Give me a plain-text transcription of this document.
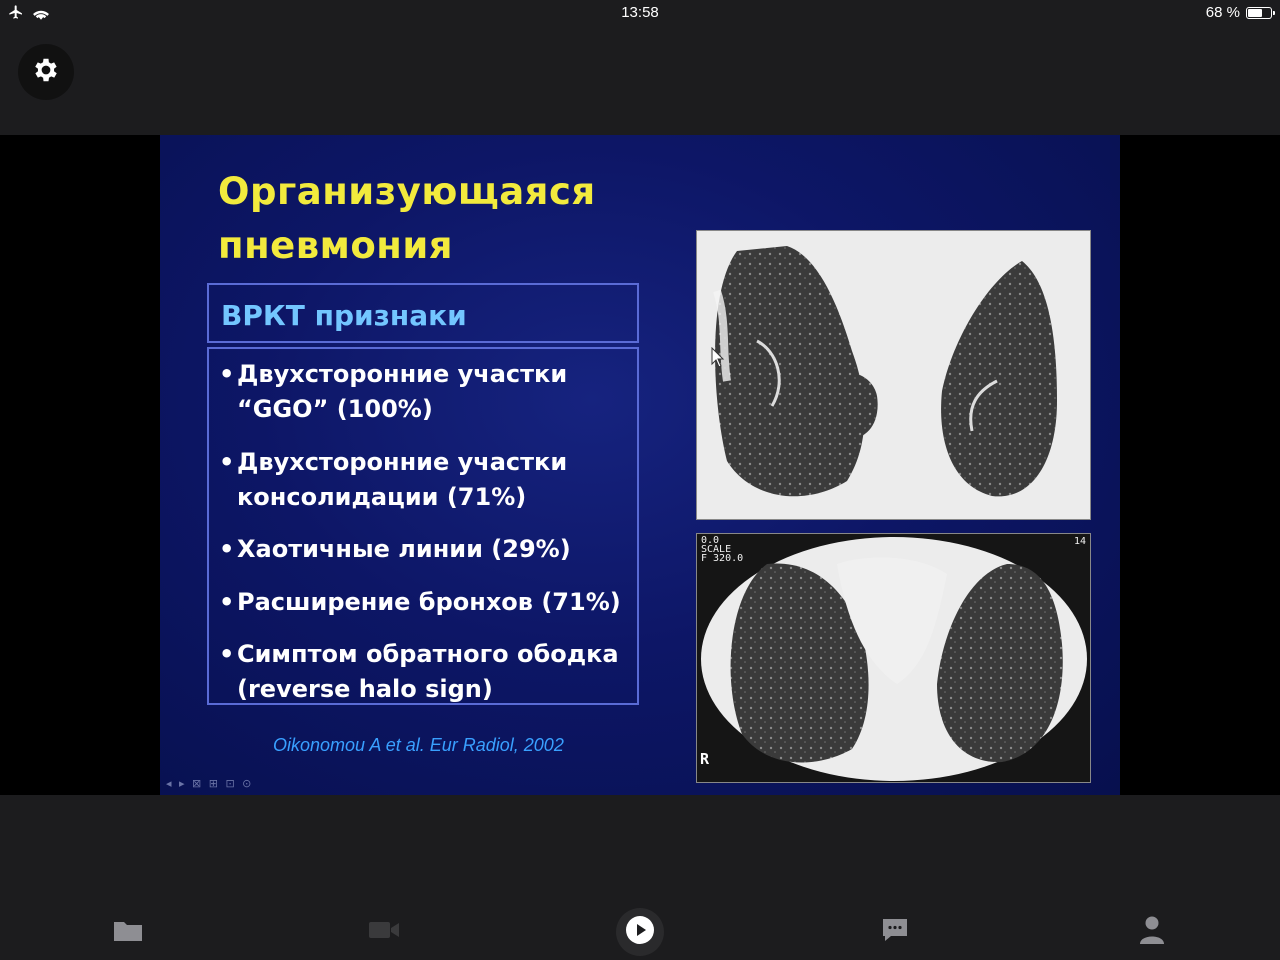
13:58	68 %
Организующаяся
пневмония
ВРКТ признаки
• Двухсторонние участки
“GGO” (100%)
• Двухсторонние участки
консолидации (71%)
• Хаотичные линии (29%)
• Расширение бронхов (71%)
• Симптом обратного ободка
(reverse halo sign)
Oikonomou A et al. Eur Radiol, 2002
0.0
SCALE
F 320.0
14
R
◂ ▸ ⊠ ⊞ ⊡ ⊙
